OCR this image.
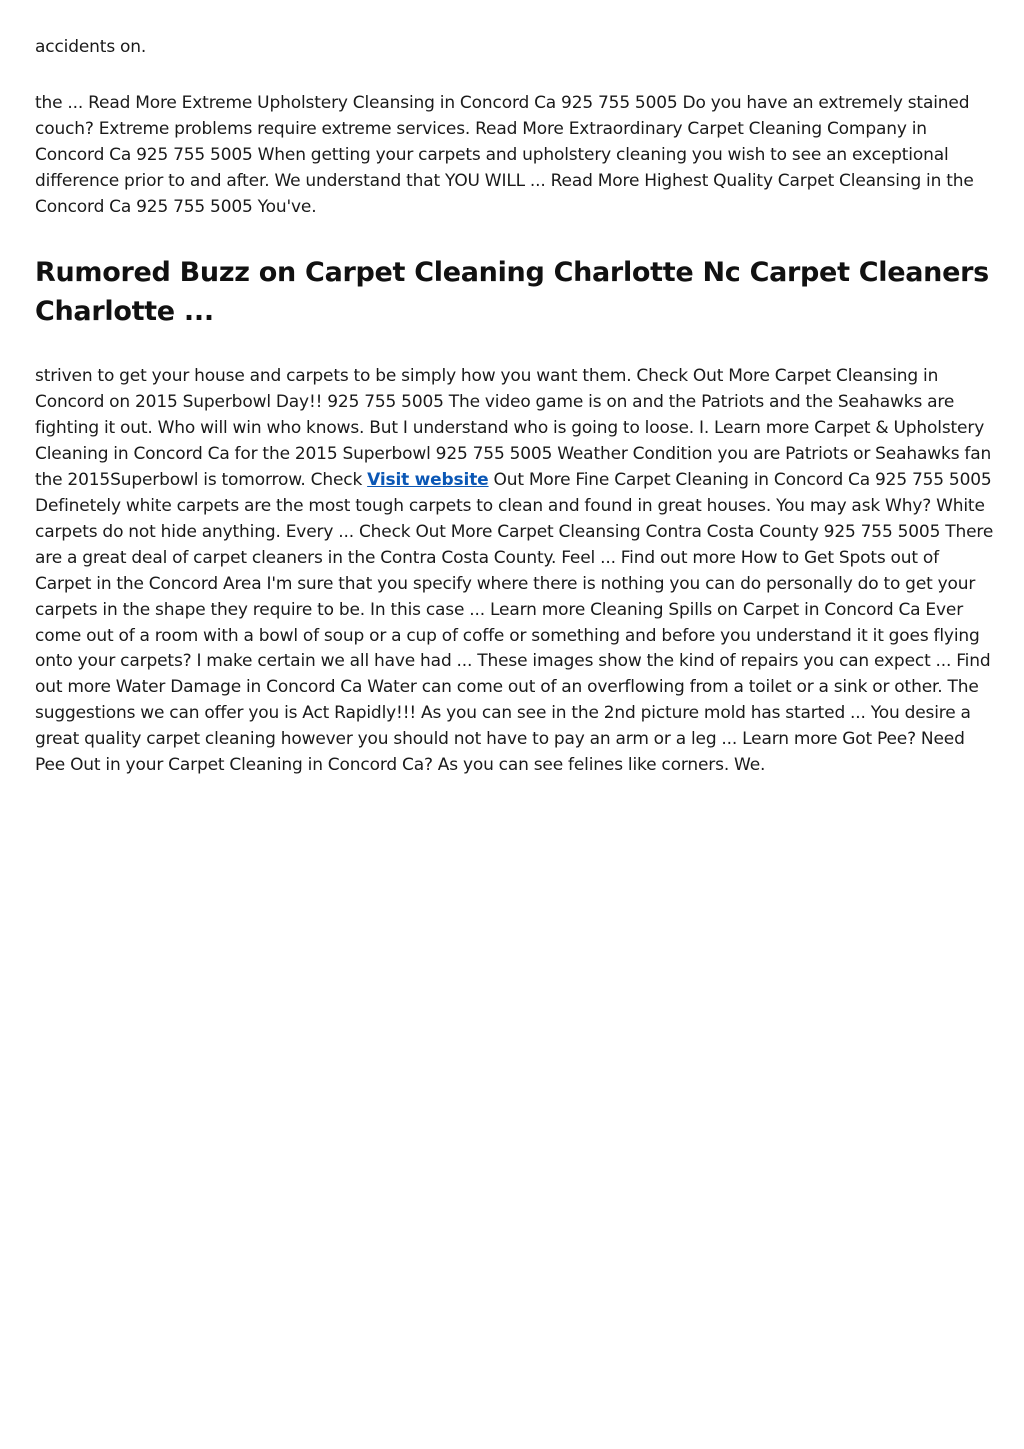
accidents on.

the ... Read More Extreme Upholstery Cleansing in Concord Ca 925 755 5005 Do you have an extremely stained couch? Extreme problems require extreme services. Read More Extraordinary Carpet Cleaning Company in Concord Ca 925 755 5005 When getting your carpets and upholstery cleaning you wish to see an exceptional difference prior to and after. We understand that YOU WILL ... Read More Highest Quality Carpet Cleansing in the Concord Ca 925 755 5005 You've.

Rumored Buzz on Carpet Cleaning Charlotte Nc Carpet Cleaners Charlotte ...

striven to get your house and carpets to be simply how you want them. Check Out More Carpet Cleansing in Concord on 2015 Superbowl Day!! 925 755 5005 The video game is on and the Patriots and the Seahawks are fighting it out. Who will win who knows. But I understand who is going to loose. I. Learn more Carpet & Upholstery Cleaning in Concord Ca for the 2015 Superbowl 925 755 5005 Weather Condition you are Patriots or Seahawks fan the 2015Superbowl is tomorrow. Check Visit website Out More Fine Carpet Cleaning in Concord Ca 925 755 5005 Definetely white carpets are the most tough carpets to clean and found in great houses. You may ask Why? White carpets do not hide anything. Every ... Check Out More Carpet Cleansing Contra Costa County 925 755 5005 There are a great deal of carpet cleaners in the Contra Costa County. Feel ... Find out more How to Get Spots out of Carpet in the Concord Area I'm sure that you specify where there is nothing you can do personally do to get your carpets in the shape they require to be. In this case ... Learn more Cleaning Spills on Carpet in Concord Ca Ever come out of a room with a bowl of soup or a cup of coffe or something and before you understand it it goes flying onto your carpets? I make certain we all have had ... These images show the kind of repairs you can expect ... Find out more Water Damage in Concord Ca Water can come out of an overflowing from a toilet or a sink or other. The suggestions we can offer you is Act Rapidly!!! As you can see in the 2nd picture mold has started ... You desire a great quality carpet cleaning however you should not have to pay an arm or a leg ... Learn more Got Pee? Need Pee Out in your Carpet Cleaning in Concord Ca? As you can see felines like corners. We.
